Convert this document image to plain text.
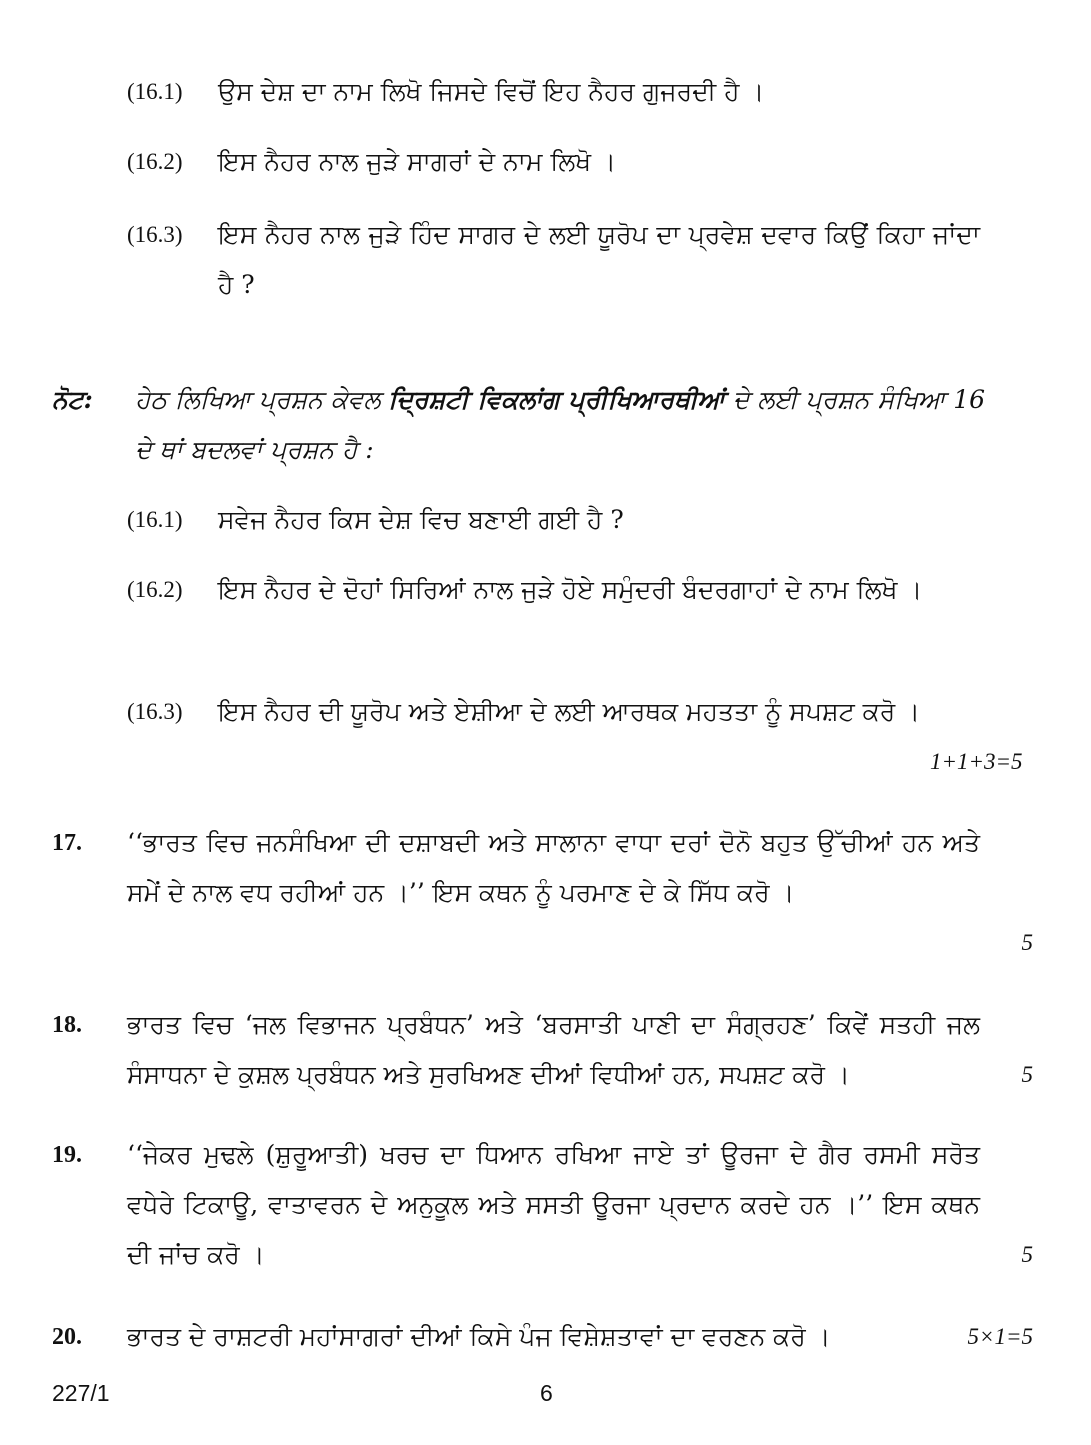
(16.1)	ਉਸ ਦੇਸ਼ ਦਾ ਨਾਮ ਲਿਖੋ ਜਿਸਦੇ ਵਿਚੋਂ ਇਹ ਨੈਹਰ ਗੁਜਰਦੀ ਹੈ ।
(16.2)	ਇਸ ਨੈਹਰ ਨਾਲ ਜੁੜੇ ਸਾਗਰਾਂ ਦੇ ਨਾਮ ਲਿਖੋ ।
(16.3)	ਇਸ ਨੈਹਰ ਨਾਲ ਜੁੜੇ ਹਿੰਦ ਸਾਗਰ ਦੇ ਲਈ ਯੂਰੋਪ ਦਾ ਪ੍ਰਵੇਸ਼ ਦਵਾਰ ਕਿਉਂ ਕਿਹਾ ਜਾਂਦਾ ਹੈ ?
ਨੋਟ: ਹੇਠ ਲਿਖਿਆ ਪ੍ਰਸ਼ਨ ਕੇਵਲ ਦ੍ਰਿਸ਼ਟੀ ਵਿਕਲਾਂਗ ਪ੍ਰੀਖਿਆਰਥੀਆਂ ਦੇ ਲਈ ਪ੍ਰਸ਼ਨ ਸੰਖਿਆ 16 ਦੇ ਥਾਂ ਬਦਲਵਾਂ ਪ੍ਰਸ਼ਨ ਹੈ :
(16.1)	ਸਵੇਜ ਨੈਹਰ ਕਿਸ ਦੇਸ਼ ਵਿਚ ਬਣਾਈ ਗਈ ਹੈ ?
(16.2)	ਇਸ ਨੈਹਰ ਦੇ ਦੋਹਾਂ ਸਿਰਿਆਂ ਨਾਲ ਜੁੜੇ ਹੋਏ ਸਮੁੰਦਰੀ ਬੰਦਰਗਾਹਾਂ ਦੇ ਨਾਮ ਲਿਖੋ ।
(16.3)	ਇਸ ਨੈਹਰ ਦੀ ਯੂਰੋਪ ਅਤੇ ਏਸ਼ੀਆ ਦੇ ਲਈ ਆਰਥਕ ਮਹਤਤਾ ਨੂੰ ਸਪਸ਼ਟ ਕਰੋ ।
1+1+3=5
17. ‘‘ਭਾਰਤ ਵਿਚ ਜਨਸੰਖਿਆ ਦੀ ਦਸ਼ਾਬਦੀ ਅਤੇ ਸਾਲਾਨਾ ਵਾਧਾ ਦਰਾਂ ਦੋਨੋ ਬਹੁਤ ਉੱਚੀਆਂ ਹਨ ਅਤੇ ਸਮੇਂ ਦੇ ਨਾਲ ਵਧ ਰਹੀਆਂ ਹਨ ।’’ ਇਸ ਕਥਨ ਨੂੰ ਪਰਮਾਣ ਦੇ ਕੇ ਸਿੱਧ ਕਰੋ ।
5
18. ਭਾਰਤ ਵਿਚ ‘ਜਲ ਵਿਭਾਜਨ ਪ੍ਰਬੰਧਨ’ ਅਤੇ ‘ਬਰਸਾਤੀ ਪਾਣੀ ਦਾ ਸੰਗ੍ਰਹਣ’ ਕਿਵੇਂ ਸਤਹੀ ਜਲ ਸੰਸਾਧਨਾ ਦੇ ਕੁਸ਼ਲ ਪ੍ਰਬੰਧਨ ਅਤੇ ਸੁਰਖਿਅਣ ਦੀਆਂ ਵਿਧੀਆਂ ਹਨ, ਸਪਸ਼ਟ ਕਰੋ ।	5
19. ‘‘ਜੇਕਰ ਮੁਢਲੇ (ਸ਼ੁਰੂਆਤੀ) ਖਰਚ ਦਾ ਧਿਆਨ ਰਖਿਆ ਜਾਏ ਤਾਂ ਊਰਜਾ ਦੇ ਗੈਰ ਰਸਮੀ ਸਰੋਤ ਵਧੇਰੇ ਟਿਕਾਊ, ਵਾਤਾਵਰਨ ਦੇ ਅਨੁਕੂਲ ਅਤੇ ਸਸਤੀ ਊਰਜਾ ਪ੍ਰਦਾਨ ਕਰਦੇ ਹਨ ।’’ ਇਸ ਕਥਨ ਦੀ ਜਾਂਚ ਕਰੋ ।	5
20. ਭਾਰਤ ਦੇ ਰਾਸ਼ਟਰੀ ਮਹਾਂਸਾਗਰਾਂ ਦੀਆਂ ਕਿਸੇ ਪੰਜ ਵਿਸ਼ੇਸ਼ਤਾਵਾਂ ਦਾ ਵਰਣਨ ਕਰੋ ।	5×1=5
227/1	6
